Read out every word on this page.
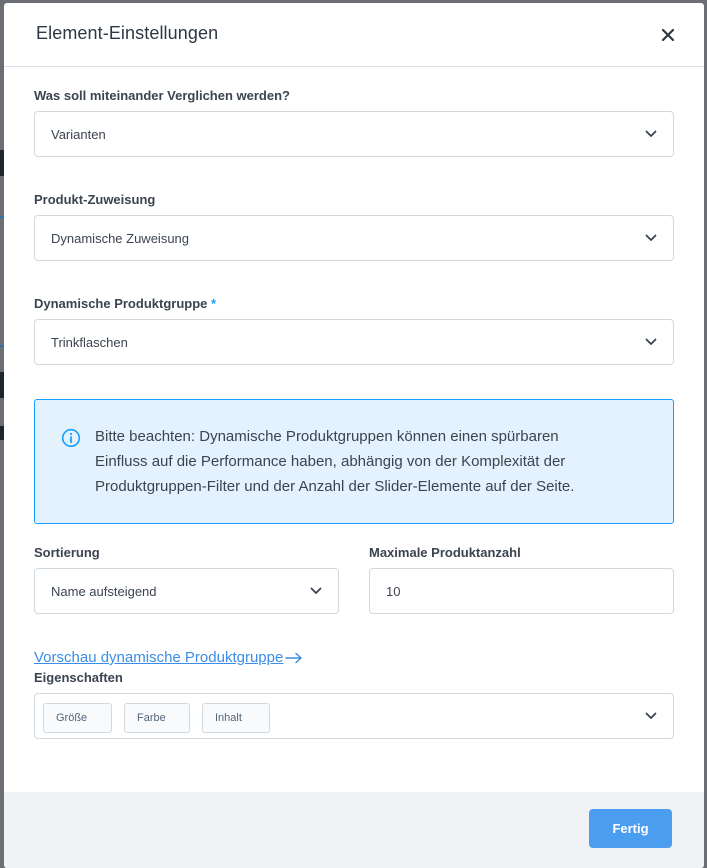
Element-Einstellungen
Was soll miteinander Verglichen werden?
Varianten
Produkt-Zuweisung
Dynamische Zuweisung
Dynamische Produktgruppe *
Trinkflaschen
Bitte beachten: Dynamische Produktgruppen können einen spürbaren
Einfluss auf die Performance haben, abhängig von der Komplexität der
Produktgruppen-Filter und der Anzahl der Slider-Elemente auf der Seite.
Sortierung
Name aufsteigend
Maximale Produktanzahl
10
Vorschau dynamische Produktgruppe
Eigenschaften
Größe	Farbe	Inhalt
Fertig
